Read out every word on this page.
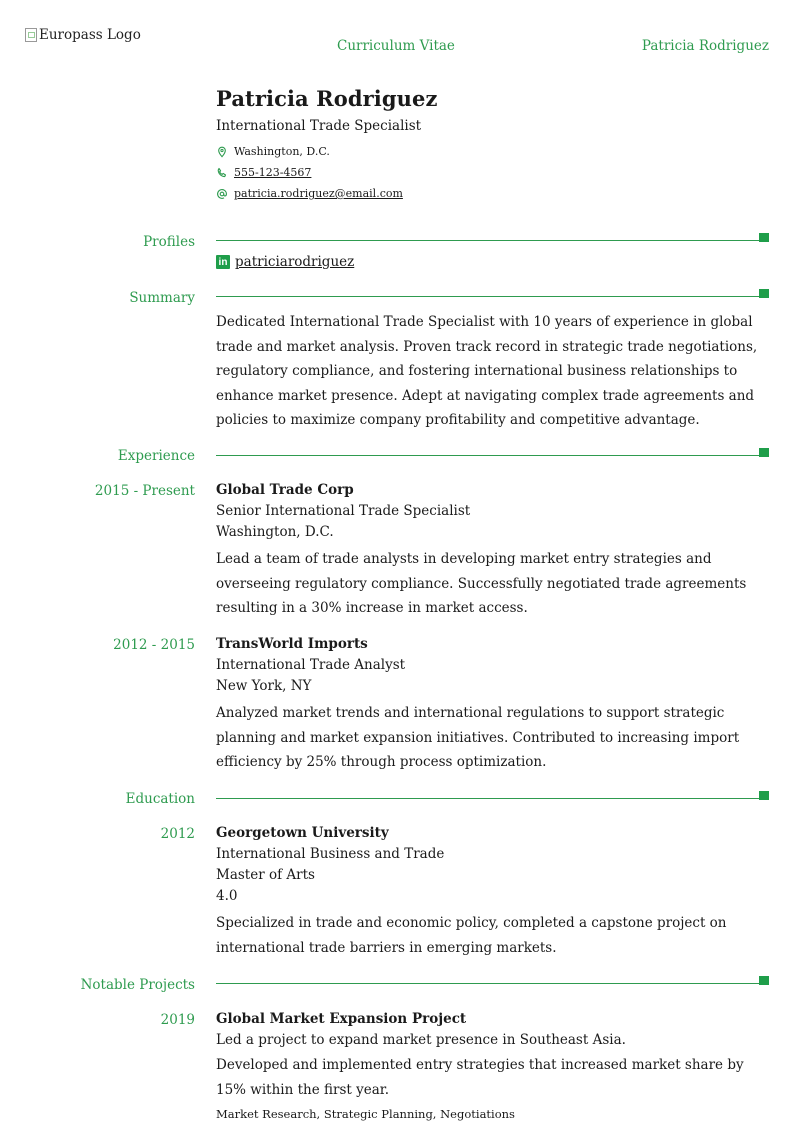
Europass Logo
Curriculum Vitae	Patricia Rodriguez
Patricia Rodriguez
International Trade Specialist
Washington, D.C.
555-123-4567
patricia.rodriguez@email.com
Profiles
in patriciarodriguez
Summary
Dedicated International Trade Specialist with 10 years of experience in global trade and market analysis. Proven track record in strategic trade negotiations, regulatory compliance, and fostering international business relationships to enhance market presence. Adept at navigating complex trade agreements and policies to maximize company profitability and competitive advantage.
Experience
2015 - Present Global Trade Corp
Senior International Trade Specialist
Washington, D.C.
Lead a team of trade analysts in developing market entry strategies and overseeing regulatory compliance. Successfully negotiated trade agreements resulting in a 30% increase in market access.
2012 - 2015 TransWorld Imports
International Trade Analyst
New York, NY
Analyzed market trends and international regulations to support strategic planning and market expansion initiatives. Contributed to increasing import efficiency by 25% through process optimization.
Education
2012 Georgetown University
International Business and Trade
Master of Arts
4.0
Specialized in trade and economic policy, completed a capstone project on international trade barriers in emerging markets.
Notable Projects
2019 Global Market Expansion Project
Led a project to expand market presence in Southeast Asia.
Developed and implemented entry strategies that increased market share by 15% within the first year.
Market Research, Strategic Planning, Negotiations
